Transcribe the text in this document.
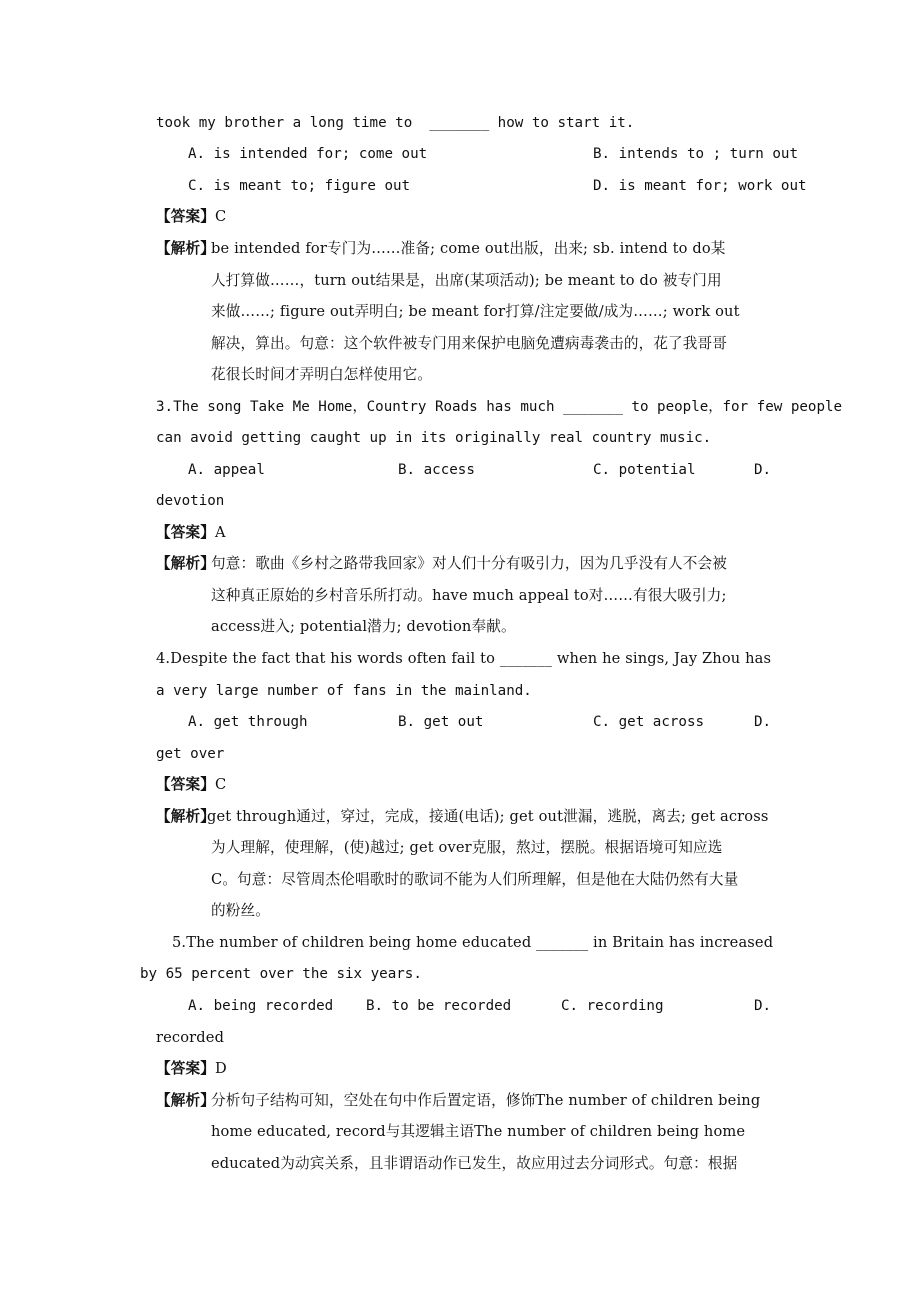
took my brother a long time to  _______ how to start it.
A. is intended for; come out	B. intends to ; turn out
C. is meant to; figure out	D. is meant for; work out
【答案】C
【解析】
be intended for专门为……准备; come out出版，出来; sb. intend to do某
人打算做……，turn out结果是，出席(某项活动); be meant to do 被专门用
来做……; figure out弄明白; be meant for打算/注定要做/成为……; work out
解决，算出。句意：这个软件被专门用来保护电脑免遭病毒袭击的，花了我哥哥
花很长时间才弄明白怎样使用它。
3.The song Take Me Home，Country Roads has much _______ to people，for few people
can avoid getting caught up in its originally real country music.
A. appeal	B. access	C. potential	D.
devotion
【答案】A
【解析】
句意：歌曲《乡村之路带我回家》对人们十分有吸引力，因为几乎没有人不会被
这种真正原始的乡村音乐所打动。have much appeal to对……有很大吸引力;
access进入; potential潜力; devotion奉献。
4.Despite the fact that his words often fail to _______ when he sings, Jay Zhou has
a very large number of fans in the mainland.
A. get through	B. get out	C. get across	D.
get over
【答案】C
【解析】
get through通过，穿过，完成，接通(电话); get out泄漏，逃脱，离去; get across
为人理解，使理解，(使)越过; get over克服，熬过，摆脱。根据语境可知应选
C。句意：尽管周杰伦唱歌时的歌词不能为人们所理解，但是他在大陆仍然有大量
的粉丝。
5.The number of children being home educated _______ in Britain has increased
by 65 percent over the six years.
A. being recorded B. to be recorded	C. recording	D.
recorded
【答案】D
【解析】
分析句子结构可知，空处在句中作后置定语，修饰The number of children being
home educated, record与其逻辑主语The number of children being home
educated为动宾关系，且非谓语动作已发生，故应用过去分词形式。句意：根据
